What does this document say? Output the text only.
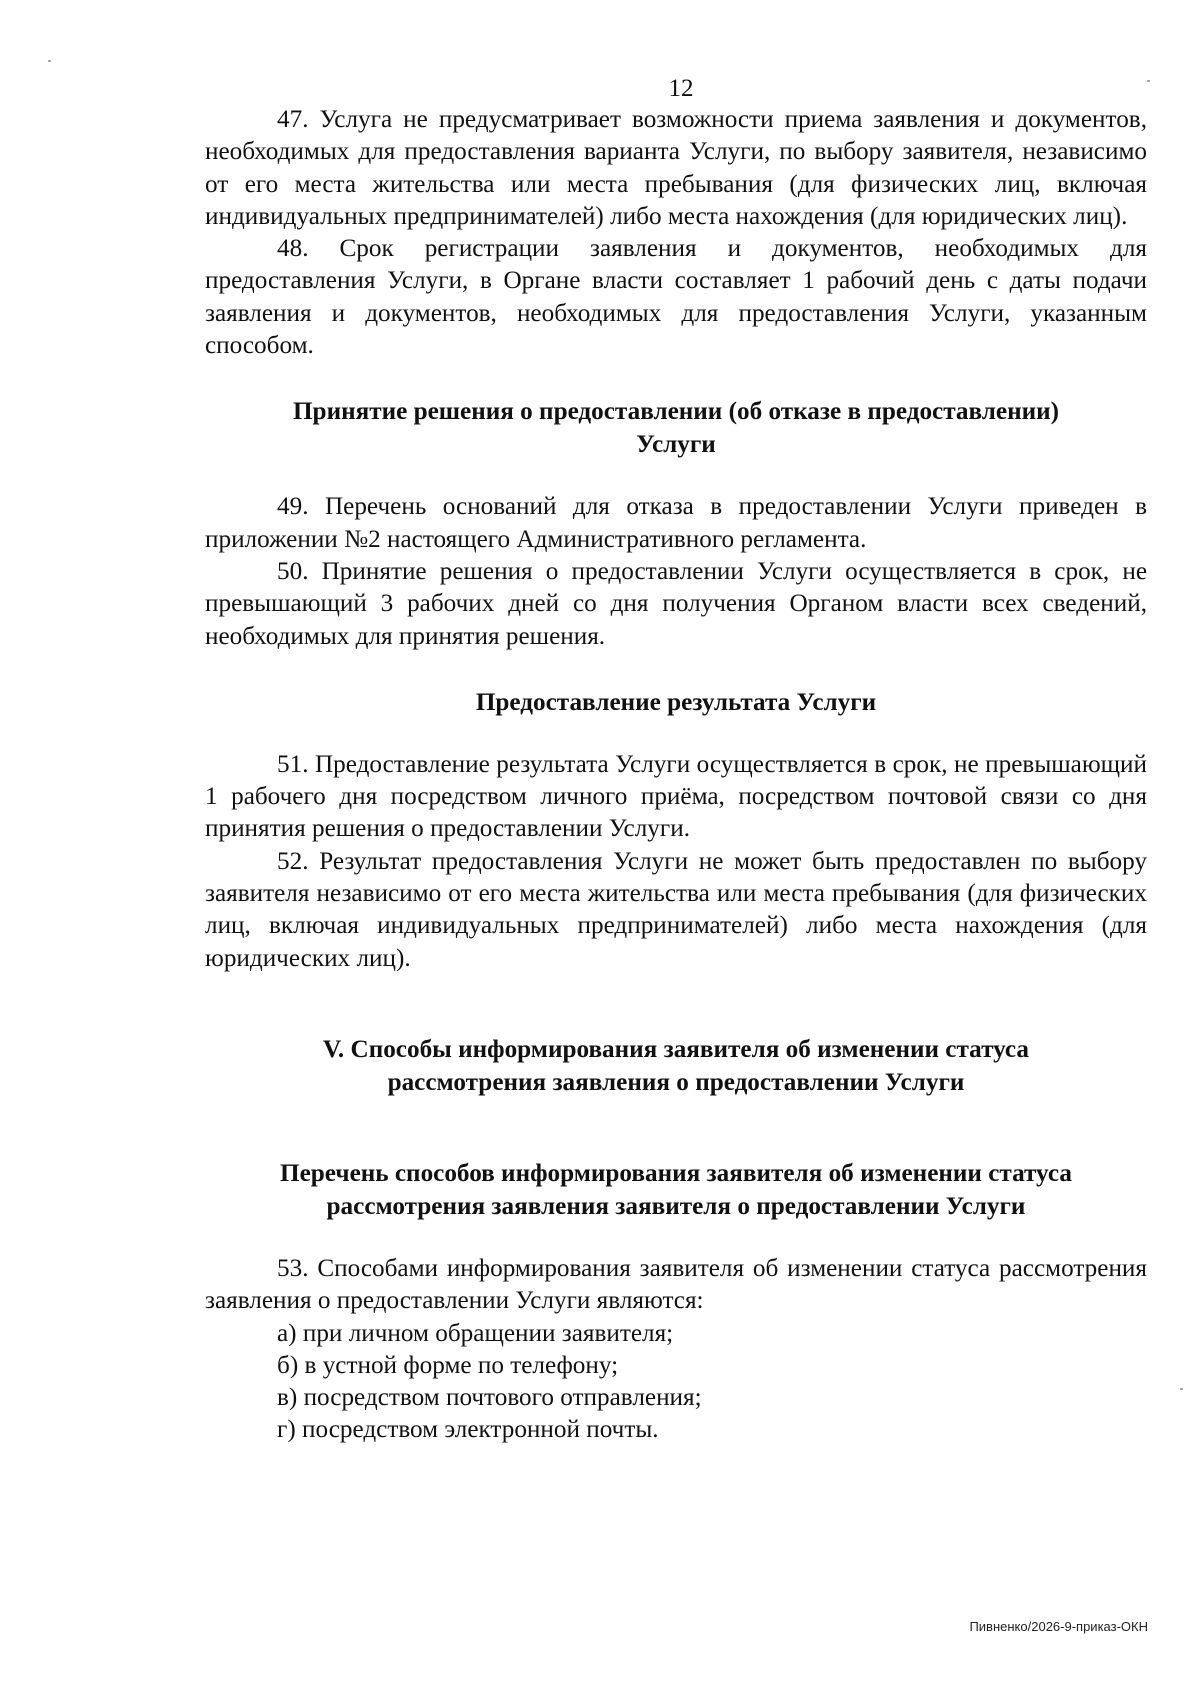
12

47. Услуга не предусматривает возможности приема заявления и документов, необходимых для предоставления варианта Услуги, по выбору заявителя, независимо от его места жительства или места пребывания (для физических лиц, включая индивидуальных предпринимателей) либо места нахождения (для юридических лиц).

48. Срок регистрации заявления и документов, необходимых для предоставления Услуги, в Органе власти составляет 1 рабочий день с даты подачи заявления и документов, необходимых для предоставления Услуги, указанным способом.

Принятие решения о предоставлении (об отказе в предоставлении)
Услуги

49. Перечень оснований для отказа в предоставлении Услуги приведен в приложении №2 настоящего Административного регламента.

50. Принятие решения о предоставлении Услуги осуществляется в срок, не превышающий 3 рабочих дней со дня получения Органом власти всех сведений, необходимых для принятия решения.

Предоставление результата Услуги

51. Предоставление результата Услуги осуществляется в срок, не превышающий 1 рабочего дня посредством личного приёма, посредством почтовой связи со дня принятия решения о предоставлении Услуги.

52. Результат предоставления Услуги не может быть предоставлен по выбору заявителя независимо от его места жительства или места пребывания (для физических лиц, включая индивидуальных предпринимателей) либо места нахождения (для юридических лиц).

V. Способы информирования заявителя об изменении статуса
рассмотрения заявления о предоставлении Услуги
Перечень способов информирования заявителя об изменении статуса
рассмотрения заявления заявителя о предоставлении Услуги

53. Способами информирования заявителя об изменении статуса рассмотрения заявления о предоставлении Услуги являются:

а) при личном обращении заявителя;

б) в устной форме по телефону;

в) посредством почтового отправления;

г) посредством электронной почты.

Пивненко/2026-9-приказ-ОКН
